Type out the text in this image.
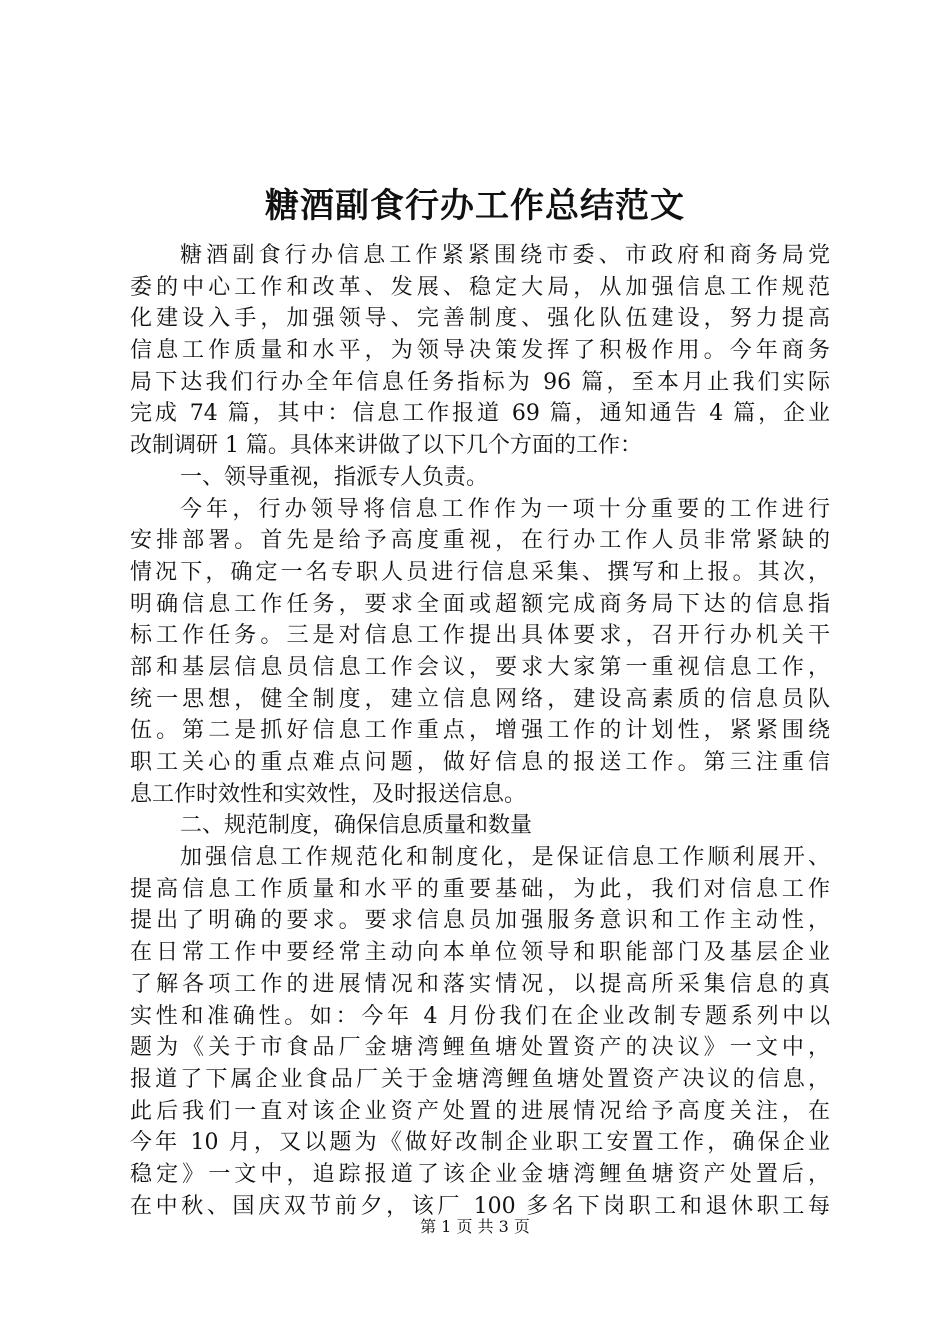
糖酒副食行办工作总结范文
糖酒副食行办信息工作紧紧围绕市委、市政府和商务局党
委的中心工作和改革、发展、稳定大局，从加强信息工作规范
化建设入手，加强领导、完善制度、强化队伍建设，努力提高
信息工作质量和水平，为领导决策发挥了积极作用。今年商务
局下达我们行办全年信息任务指标为 96 篇，至本月止我们实际
完成 74 篇，其中：信息工作报道 69 篇，通知通告 4 篇，企业
改制调研 1 篇。具体来讲做了以下几个方面的工作：
一、领导重视，指派专人负责。
今年，行办领导将信息工作作为一项十分重要的工作进行
安排部署。首先是给予高度重视，在行办工作人员非常紧缺的
情况下，确定一名专职人员进行信息采集、撰写和上报。其次，
明确信息工作任务，要求全面或超额完成商务局下达的信息指
标工作任务。三是对信息工作提出具体要求，召开行办机关干
部和基层信息员信息工作会议，要求大家第一重视信息工作，
统一思想，健全制度，建立信息网络，建设高素质的信息员队
伍。第二是抓好信息工作重点，增强工作的计划性，紧紧围绕
职工关心的重点难点问题，做好信息的报送工作。第三注重信
息工作时效性和实效性，及时报送信息。
二、规范制度，确保信息质量和数量
加强信息工作规范化和制度化，是保证信息工作顺利展开、
提高信息工作质量和水平的重要基础，为此，我们对信息工作
提出了明确的要求。要求信息员加强服务意识和工作主动性，
在日常工作中要经常主动向本单位领导和职能部门及基层企业
了解各项工作的进展情况和落实情况，以提高所采集信息的真
实性和准确性。如：今年 4 月份我们在企业改制专题系列中以
题为《关于市食品厂金塘湾鲤鱼塘处置资产的决议》一文中，
报道了下属企业食品厂关于金塘湾鲤鱼塘处置资产决议的信息，
此后我们一直对该企业资产处置的进展情况给予高度关注，在
今年 10 月，又以题为《做好改制企业职工安置工作，确保企业
稳定》一文中，追踪报道了该企业金塘湾鲤鱼塘资产处置后，
在中秋、国庆双节前夕，该厂 100 多名下岗职工和退休职工每
第 1 页 共 3 页
